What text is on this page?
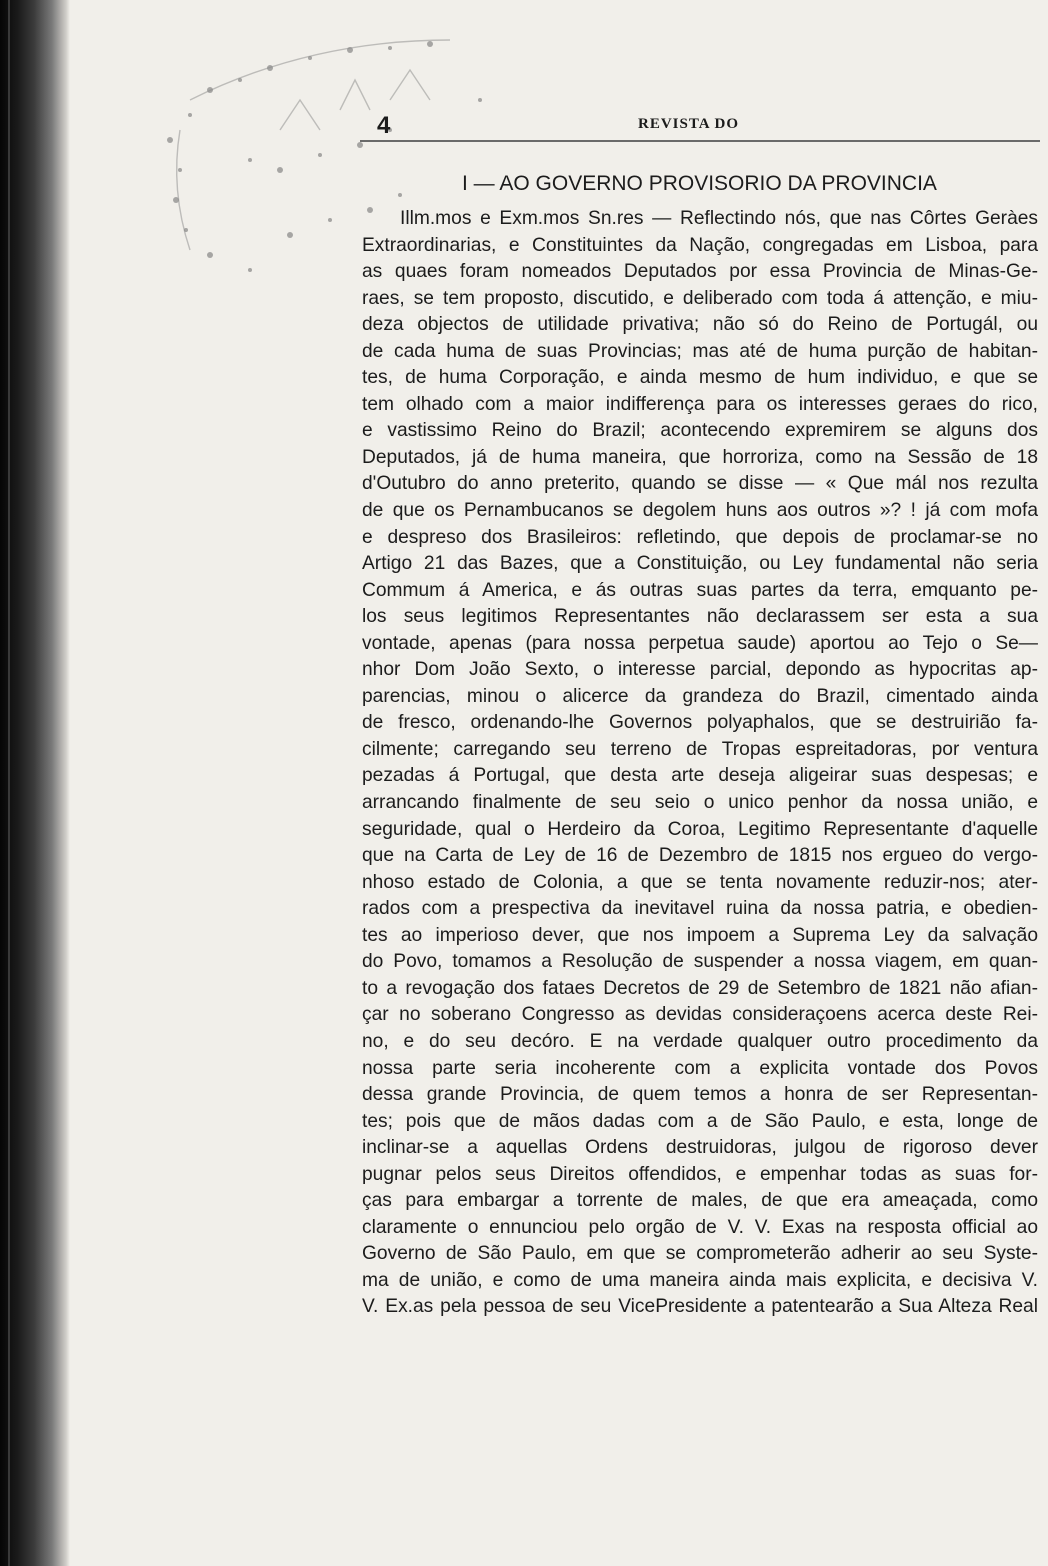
4	REVISTA DO
I — AO GOVERNO PROVISORIO DA PROVINCIA
Illm.mos e Exm.mos Sn.res — Reflectindo nós, que nas Côrtes Geràes
Extraordinarias, e Constituintes da Nação, congregadas em Lisboa, para
as quaes foram nomeados Deputados por essa Provincia de Minas-Ge-
raes, se tem proposto, discutido, e deliberado com toda á attenção, e miu-
deza objectos de utilidade privativa; não só do Reino de Portugál, ou
de cada huma de suas Provincias; mas até de huma purção de habitan-
tes, de huma Corporação, e ainda mesmo de hum individuo, e que se
tem olhado com a maior indifferença para os interesses geraes do rico,
e vastissimo Reino do Brazil; acontecendo expremirem se alguns dos
Deputados, já de huma maneira, que horroriza, como na Sessão de 18
d'Outubro do anno preterito, quando se disse — « Que mál nos rezulta
de que os Pernambucanos se degolem huns aos outros »? ! já com mofa
e despreso dos Brasileiros: refletindo, que depois de proclamar-se no
Artigo 21 das Bazes, que a Constituição, ou Ley fundamental não seria
Commum á America, e ás outras suas partes da terra, emquanto pe-
los seus legitimos Representantes não declarassem ser esta a sua
vontade, apenas (para nossa perpetua saude) aportou ao Tejo o Se—
nhor Dom João Sexto, o interesse parcial, depondo as hypocritas ap-
parencias, minou o alicerce da grandeza do Brazil, cimentado ainda
de fresco, ordenando-lhe Governos polyaphalos, que se destruirião fa-
cilmente; carregando seu terreno de Tropas espreitadoras, por ventura
pezadas á Portugal, que desta arte deseja aligeirar suas despesas; e
arrancando finalmente de seu seio o unico penhor da nossa união, e
seguridade, qual o Herdeiro da Coroa, Legitimo Representante d'aquelle
que na Carta de Ley de 16 de Dezembro de 1815 nos ergueo do vergo-
nhoso estado de Colonia, a que se tenta novamente reduzir-nos; ater-
rados com a prespectiva da inevitavel ruina da nossa patria, e obedien-
tes ao imperioso dever, que nos impoem a Suprema Ley da salvação
do Povo, tomamos a Resolução de suspender a nossa viagem, em quan-
to a revogação dos fataes Decretos de 29 de Setembro de 1821 não afian-
çar no soberano Congresso as devidas consideraçoens acerca deste Rei-
no, e do seu decóro. E na verdade qualquer outro procedimento da
nossa parte seria incoherente com a explicita vontade dos Povos
dessa grande Provincia, de quem temos a honra de ser Representan-
tes; pois que de mãos dadas com a de São Paulo, e esta, longe de
inclinar-se a aquellas Ordens destruidoras, julgou de rigoroso dever
pugnar pelos seus Direitos offendidos, e empenhar todas as suas for-
ças para embargar a torrente de males, de que era ameaçada, como
claramente o ennunciou pelo orgão de V. V. Exas na resposta official ao
Governo de São Paulo, em que se comprometerão adherir ao seu Syste-
ma de união, e como de uma maneira ainda mais explicita, e decisiva V.
V. Ex.as pela pessoa de seu VicePresidente a patentearão a Sua Alteza Real
